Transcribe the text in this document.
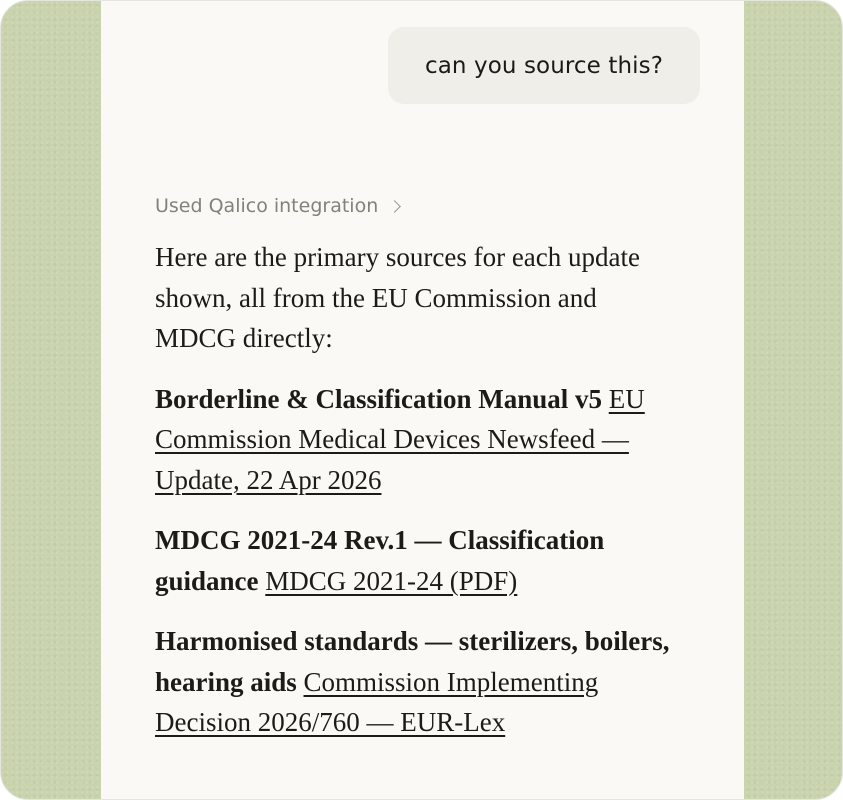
can you source this?
Used Qalico integration

Here are the primary sources for each update shown, all from the EU Commission and MDCG directly:

Borderline & Classification Manual v5 EU Commission Medical Devices Newsfeed — Update, 22 Apr 2026

MDCG 2021-24 Rev.1 — Classification guidance MDCG 2021-24 (PDF)

Harmonised standards — sterilizers, boilers, hearing aids Commission Implementing Decision 2026/760 — EUR-Lex
